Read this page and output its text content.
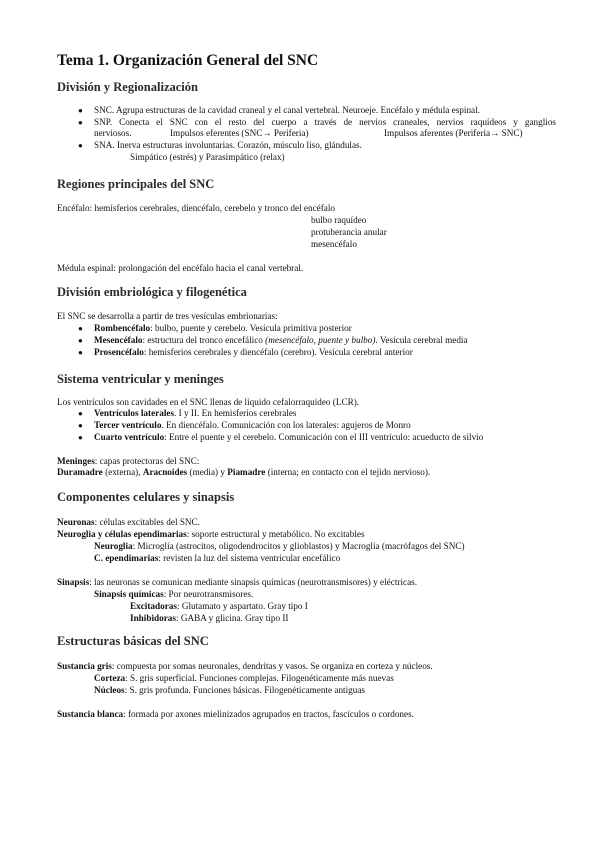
Tema 1. Organización General del SNC
División y Regionalización
● SNC. Agrupa estructuras de la cavidad craneal y el canal vertebral. Neuroeje. Encéfalo y médula espinal.

● SNP. Conecta el SNC con el resto del cuerpo a través de nervios craneales, nervios raquídeos y ganglios

nerviosos.	Impulsos eferentes (SNC→ Periferia)	Impulsos aferentes (Periferia→ SNC)

● SNA. Inerva estructuras involuntarias. Corazón, músculo liso, glándulas.

Simpático (estrés) y Parasimpático (relax)

Regiones principales del SNC

Encéfalo: hemisferios cerebrales, diencéfalo, cerebelo y tronco del encéfalo

bulbo raquídeo

protuberancia anular

mesencéfalo

Médula espinal: prolongación del encéfalo hacia el canal vertebral.

División embriológica y filogenética

El SNC se desarrolla a partir de tres vesículas embrionarias:

● Rombencéfalo: bulbo, puente y cerebelo. Vesícula primitiva posterior

● Mesencéfalo: estructura del tronco encefálico (mesencéfalo, puente y bulbo). Vesícula cerebral media

● Prosencéfalo: hemisferios cerebrales y diencéfalo (cerebro). Vesícula cerebral anterior

Sistema ventricular y meninges

Los ventrículos son cavidades en el SNC llenas de líquido cefalorraquídeo (LCR).

● Ventrículos laterales. I y II. En hemisferios cerebrales

● Tercer ventrículo. En diencéfalo. Comunicación con los laterales: agujeros de Monro

● Cuarto ventrículo: Entre el puente y el cerebelo. Comunicación con el III ventrículo: acueducto de silvio

Meninges: capas protectoras del SNC:

Duramadre (externa), Aracnoides (media) y Piamadre (interna; en contacto con el tejido nervioso).

Componentes celulares y sinapsis

Neuronas: células excitables del SNC.

Neuroglia y células ependimarias: soporte estructural y metabólico. No excitables

Neuroglia: Microglía (astrocitos, oligodendrocitos y glioblastos) y Macroglía (macrófagos del SNC)

C. ependimarias: revisten la luz del sistema ventricular encefálico

Sinapsis: las neuronas se comunican mediante sinapsis químicas (neurotransmisores) y eléctricas.

Sinapsis químicas: Por neurotransmisores.

Excitadoras: Glutamato y aspartato. Gray tipo I

Inhibidoras: GABA y glicina. Gray tipo II

Estructuras básicas del SNC

Sustancia gris: compuesta por somas neuronales, dendritas y vasos. Se organiza en corteza y núcleos.

Corteza: S. gris superficial. Funciones complejas. Filogenéticamente más nuevas

Núcleos: S. gris profunda. Funciones básicas. Filogenéticamente antiguas

Sustancia blanca: formada por axones mielinizados agrupados en tractos, fascículos o cordones.
